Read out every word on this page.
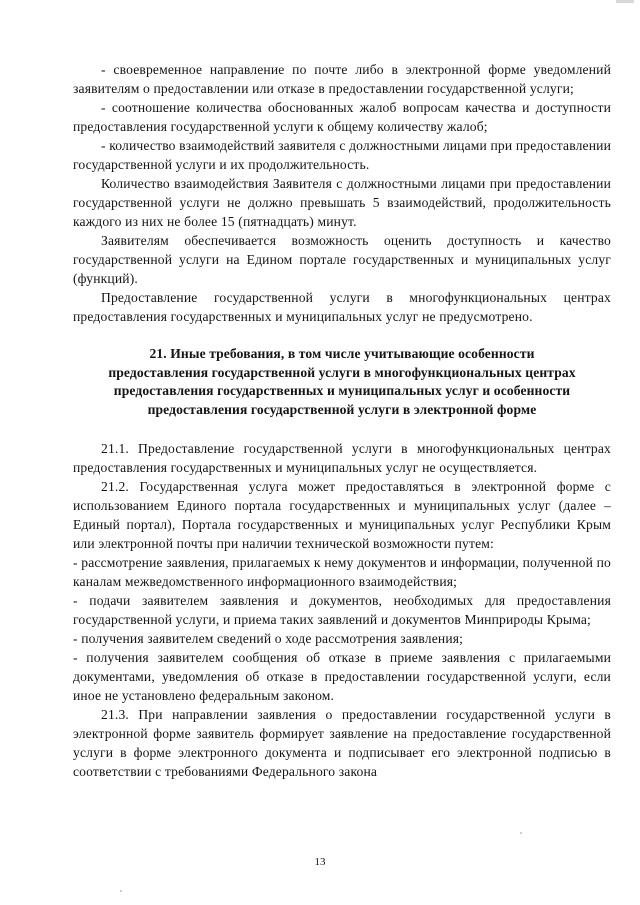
- своевременное направление по почте либо в электронной форме уведомлений заявителям о предоставлении или отказе в предоставлении государственной услуги;

- соотношение количества обоснованных жалоб вопросам качества и доступности предоставления государственной услуги к общему количеству жалоб;

- количество взаимодействий заявителя с должностными лицами при предоставлении государственной услуги и их продолжительность.

Количество взаимодействия Заявителя с должностными лицами при предоставлении государственной услуги не должно превышать 5 взаимодействий, продолжительность каждого из них не более 15 (пятнадцать) минут.

Заявителям обеспечивается возможность оценить доступность и качество государственной услуги на Едином портале государственных и муниципальных услуг (функций).

Предоставление государственной услуги в многофункциональных центрах предоставления государственных и муниципальных услуг не предусмотрено.

21. Иные требования, в том числе учитывающие особенности
предоставления государственной услуги в многофункциональных центрах
предоставления государственных и муниципальных услуг и особенности
предоставления государственной услуги в электронной форме

21.1. Предоставление государственной услуги в многофункциональных центрах предоставления государственных и муниципальных услуг не осуществляется.

21.2. Государственная услуга может предоставляться в электронной форме с использованием Единого портала государственных и муниципальных услуг (далее – Единый портал), Портала государственных и муниципальных услуг Республики Крым или электронной почты при наличии технической возможности путем:

- рассмотрение заявления, прилагаемых к нему документов и информации, полученной по каналам межведомственного информационного взаимодействия;

- подачи заявителем заявления и документов, необходимых для предоставления государственной услуги, и приема таких заявлений и документов Минприроды Крыма;

- получения заявителем сведений о ходе рассмотрения заявления;

- получения заявителем сообщения об отказе в приеме заявления с прилагаемыми документами, уведомления об отказе в предоставлении государственной услуги, если иное не установлено федеральным законом.

21.3. При направлении заявления о предоставлении государственной услуги в электронной форме заявитель формирует заявление на предоставление государственной услуги в форме электронного документа и подписывает его электронной подписью в соответствии с требованиями Федерального закона

13
